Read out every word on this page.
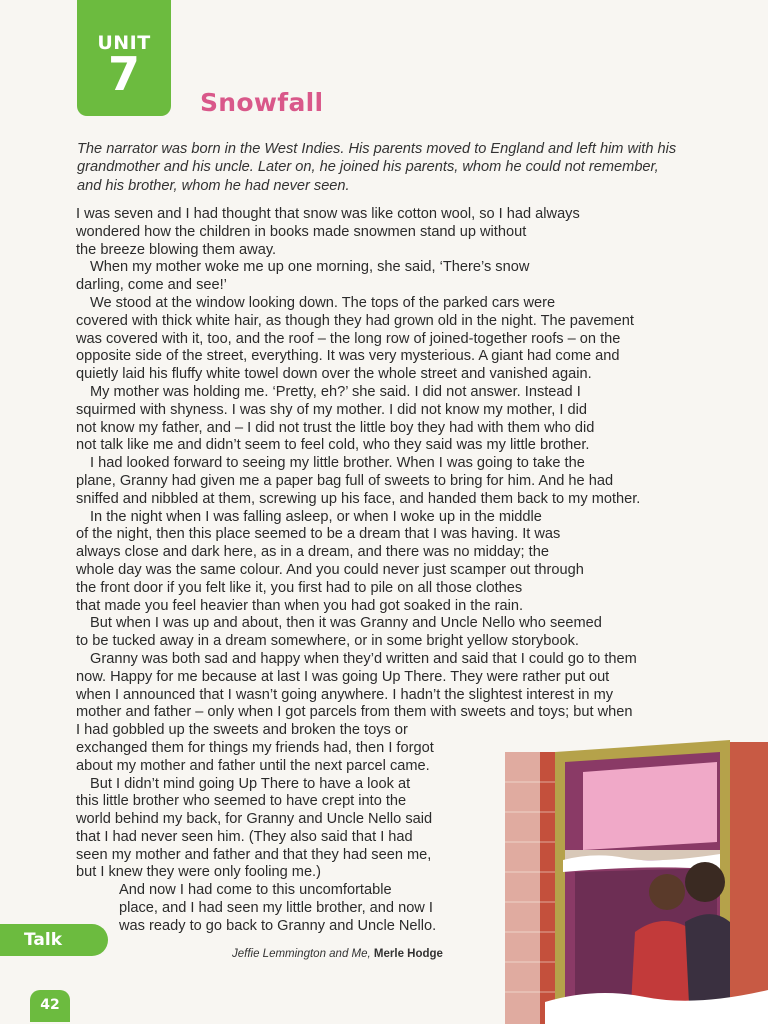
UNIT
7
Snowfall
The narrator was born in the West Indies. His parents moved to England and left him with his grandmother and his uncle. Later on, he joined his parents, whom he could not remember, and his brother, whom he had never seen.
I was seven and I had thought that snow was like cotton wool, so I had always
wondered how the children in books made snowmen stand up without
the breeze blowing them away.
When my mother woke me up one morning, she said, ‘There’s snow
darling, come and see!’
We stood at the window looking down. The tops of the parked cars were
covered with thick white hair, as though they had grown old in the night. The pavement
was covered with it, too, and the roof – the long row of joined-together roofs – on the
opposite side of the street, everything. It was very mysterious. A giant had come and
quietly laid his fluffy white towel down over the whole street and vanished again.
My mother was holding me. ‘Pretty, eh?’ she said. I did not answer. Instead I
squirmed with shyness. I was shy of my mother. I did not know my mother, I did
not know my father, and – I did not trust the little boy they had with them who did
not talk like me and didn’t seem to feel cold, who they said was my little brother.
I had looked forward to seeing my little brother. When I was going to take the
plane, Granny had given me a paper bag full of sweets to bring for him. And he had
sniffed and nibbled at them, screwing up his face, and handed them back to my mother.
In the night when I was falling asleep, or when I woke up in the middle
of the night, then this place seemed to be a dream that I was having. It was
always close and dark here, as in a dream, and there was no midday; the
whole day was the same colour. And you could never just scamper out through
the front door if you felt like it, you first had to pile on all those clothes
that made you feel heavier than when you had got soaked in the rain.
But when I was up and about, then it was Granny and Uncle Nello who seemed
to be tucked away in a dream somewhere, or in some bright yellow storybook.
Granny was both sad and happy when they’d written and said that I could go to them
now. Happy for me because at last I was going Up There. They were rather put out
when I announced that I wasn’t going anywhere. I hadn’t the slightest interest in my
mother and father – only when I got parcels from them with sweets and toys; but when
I had gobbled up the sweets and broken the toys or
exchanged them for things my friends had, then I forgot
about my mother and father until the next parcel came.
But I didn’t mind going Up There to have a look at
this little brother who seemed to have crept into the
world behind my back, for Granny and Uncle Nello said
that I had never seen him. (They also said that I had
seen my mother and father and that they had seen me,
but I knew they were only fooling me.)
And now I had come to this uncomfortable
place, and I had seen my little brother, and now I
was ready to go back to Granny and Uncle Nello.
Jeffie Lemmington and Me, Merle Hodge
Talk
42
